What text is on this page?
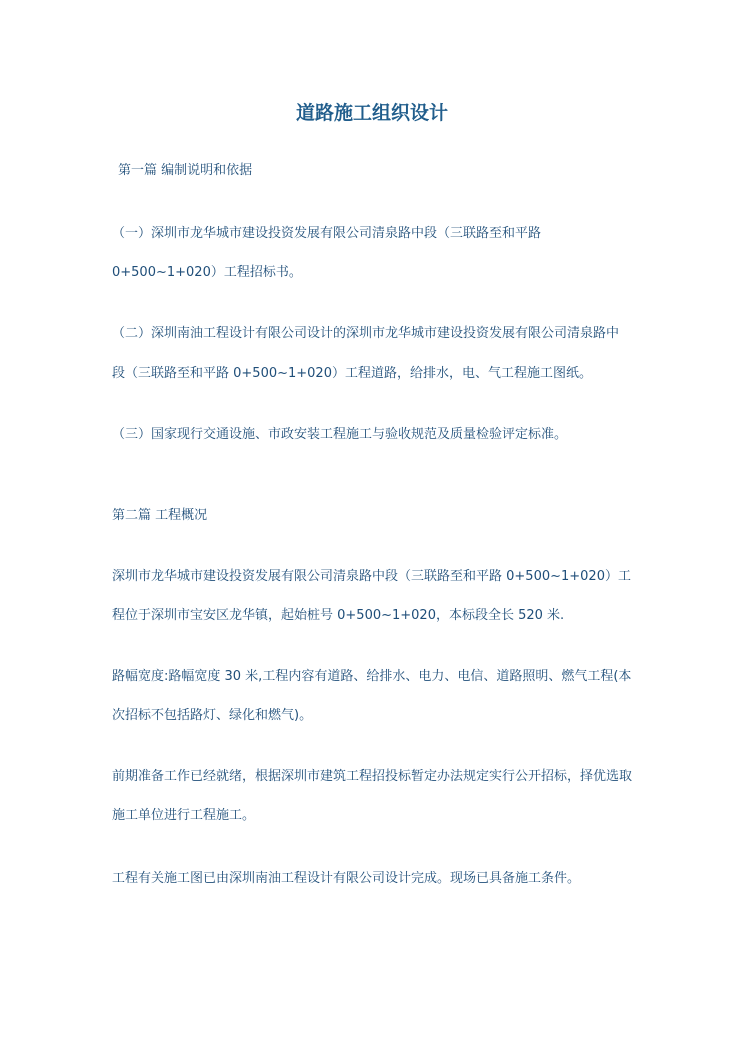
道路施工组织设计
第一篇 编制说明和依据
（一）深圳市龙华城市建设投资发展有限公司清泉路中段（三联路至和平路
0+500~1+020）工程招标书。
（二）深圳南油工程设计有限公司设计的深圳市龙华城市建设投资发展有限公司清泉路中
段（三联路至和平路 0+500~1+020）工程道路，给排水，电、气工程施工图纸。
（三）国家现行交通设施、市政安装工程施工与验收规范及质量检验评定标准。
第二篇 工程概况
深圳市龙华城市建设投资发展有限公司清泉路中段（三联路至和平路 0+500~1+020）工
程位于深圳市宝安区龙华镇，起始桩号 0+500~1+020，本标段全长 520 米.
路幅宽度:路幅宽度 30 米,工程内容有道路、给排水、电力、电信、道路照明、燃气工程(本
次招标不包括路灯、绿化和燃气)。
前期准备工作已经就绪，根据深圳市建筑工程招投标暂定办法规定实行公开招标，择优选取
施工单位进行工程施工。
工程有关施工图已由深圳南油工程设计有限公司设计完成。现场已具备施工条件。
